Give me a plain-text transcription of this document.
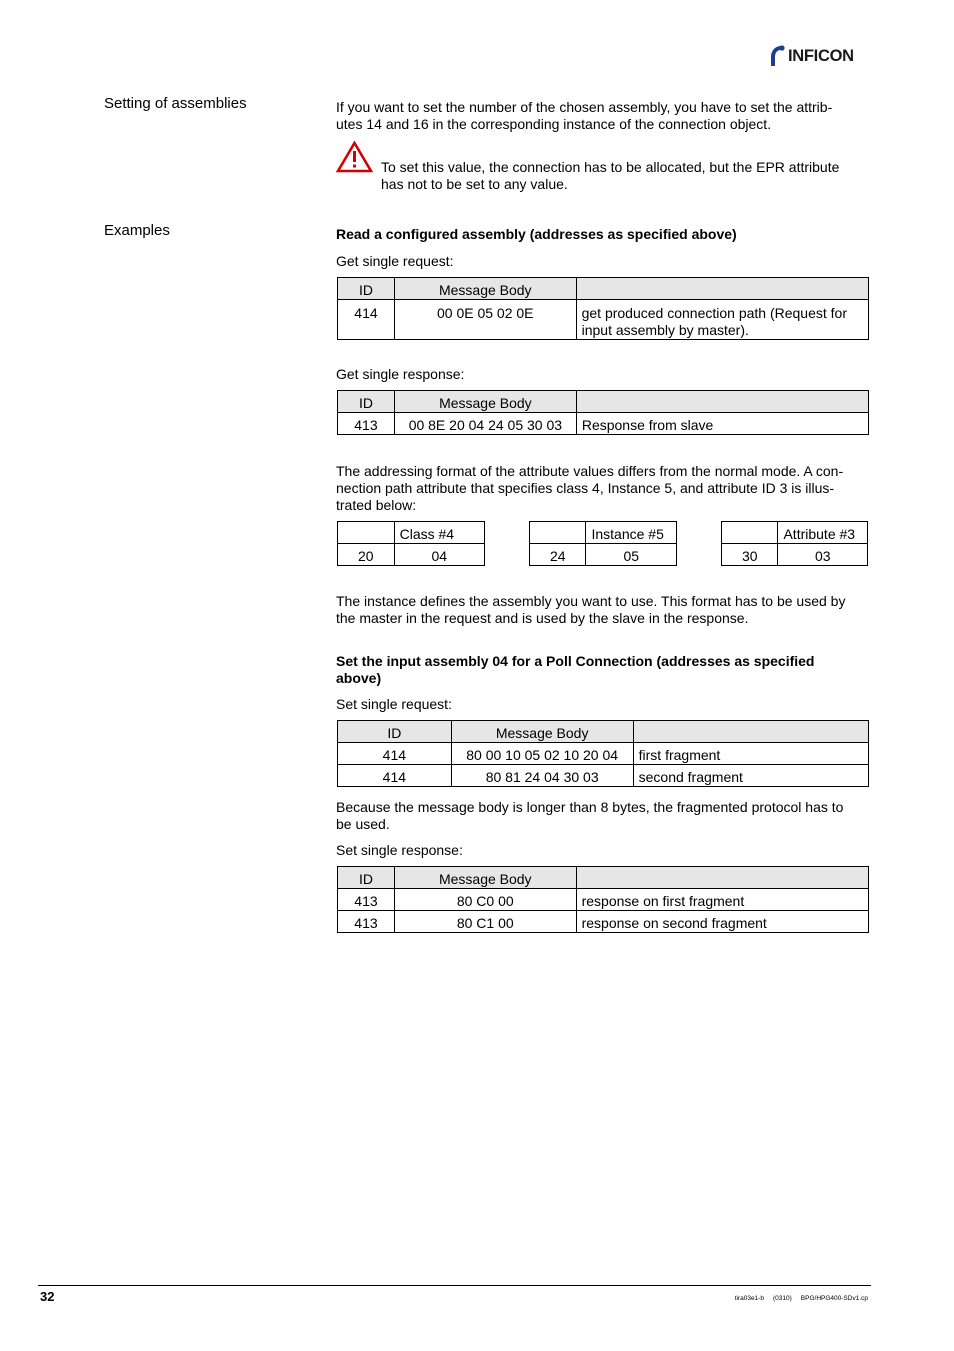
INFICON
Setting of assemblies
Examples
If you want to set the number of the chosen assembly, you have to set the attrib-
utes 14 and 16 in the corresponding instance of the connection object.
To set this value, the connection has to be allocated, but the EPR attribute
has not to be set to any value.
Read a configured assembly (addresses as specified above)
Get single request:
ID	Message Body	
414	00 0E 05 02 0E	get produced connection path (Request for
input assembly by master).
Get single response:
ID	Message Body	
413	00 8E 20 04 24 05 30 03	Response from slave
The addressing format of the attribute values differs from the normal mode. A con-
nection path attribute that specifies class 4, Instance 5, and attribute ID 3 is illus-
trated below:
	Class #4
20	04
	Instance #5
24	05
	Attribute #3
30	03
The instance defines the assembly you want to use. This format has to be used by
the master in the request and is used by the slave in the response.
Set the input assembly 04 for a Poll Connection (addresses as specified
above)
Set single request:
ID	Message Body	
414	80 00 10 05 02 10 20 04	first fragment
414	80 81 24 04 30 03	second fragment
Because the message body is longer than 8 bytes, the fragmented protocol has to
be used.
Set single response:
ID	Message Body	
413	80 C0 00	response on first fragment
413	80 C1 00	response on second fragment
32	tira03e1-b     (0310)     BPG/HPG400-SDv1.cp
